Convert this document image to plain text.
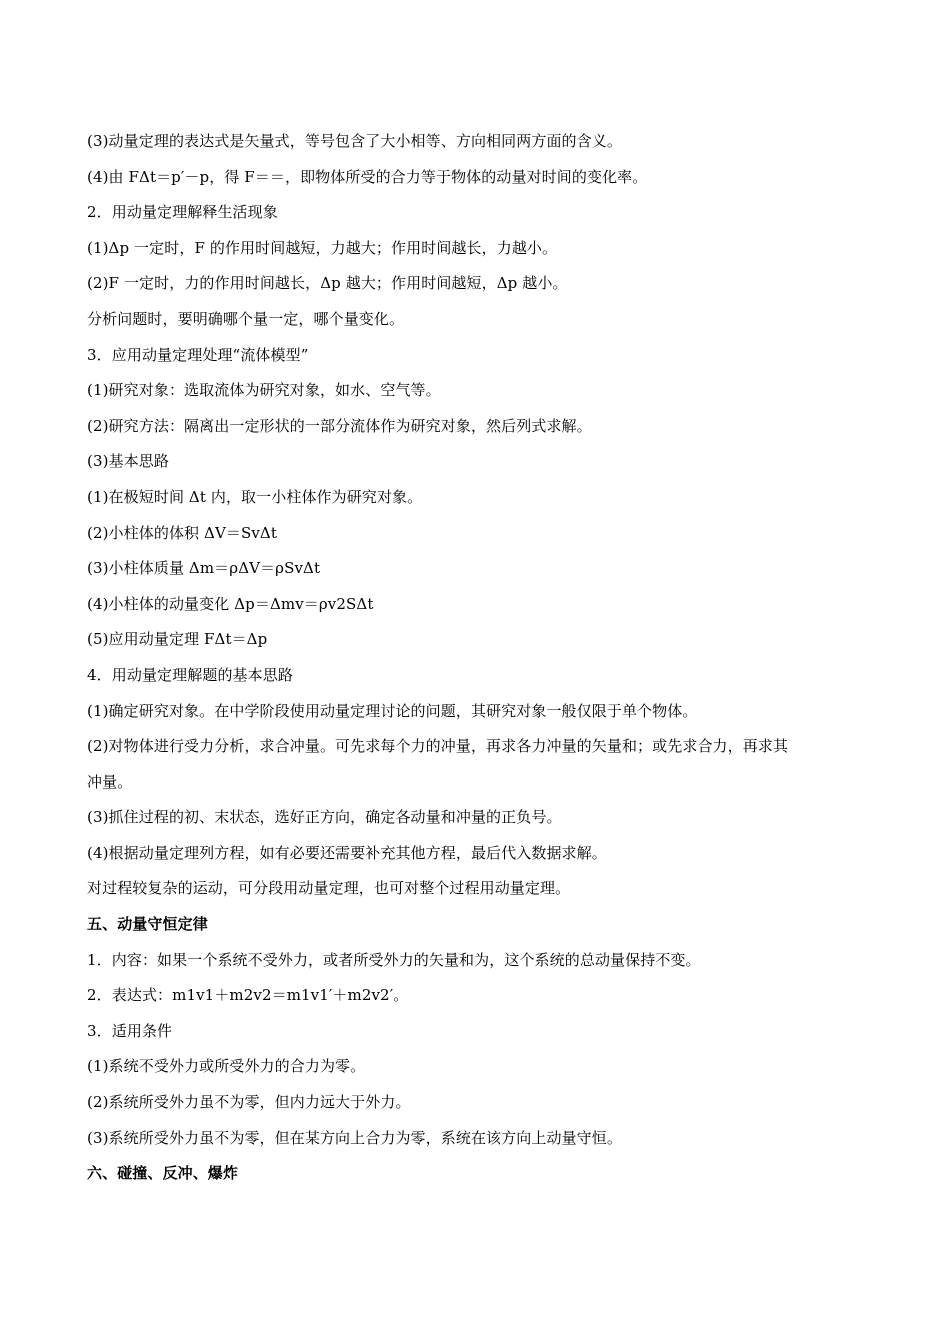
(3)动量定理的表达式是矢量式，等号包含了大小相等、方向相同两方面的含义。
(4)由 FΔt＝p′－p，得 F＝＝，即物体所受的合力等于物体的动量对时间的变化率。
2．用动量定理解释生活现象
(1)Δp 一定时，F 的作用时间越短，力越大；作用时间越长，力越小。
(2)F 一定时，力的作用时间越长，Δp 越大；作用时间越短，Δp 越小。
分析问题时，要明确哪个量一定，哪个量变化。
3．应用动量定理处理“流体模型”
(1)研究对象：选取流体为研究对象，如水、空气等。
(2)研究方法：隔离出一定形状的一部分流体作为研究对象，然后列式求解。
(3)基本思路
(1)在极短时间 Δt 内，取一小柱体作为研究对象。
(2)小柱体的体积 ΔV＝SvΔt
(3)小柱体质量 Δm＝ρΔV＝ρSvΔt
(4)小柱体的动量变化 Δp＝Δmv＝ρv2SΔt
(5)应用动量定理 FΔt＝Δp
4．用动量定理解题的基本思路
(1)确定研究对象。在中学阶段使用动量定理讨论的问题，其研究对象一般仅限于单个物体。
(2)对物体进行受力分析，求合冲量。可先求每个力的冲量，再求各力冲量的矢量和；或先求合力，再求其
冲量。
(3)抓住过程的初、末状态，选好正方向，确定各动量和冲量的正负号。
(4)根据动量定理列方程，如有必要还需要补充其他方程，最后代入数据求解。
对过程较复杂的运动，可分段用动量定理，也可对整个过程用动量定理。
五、动量守恒定律
1．内容：如果一个系统不受外力，或者所受外力的矢量和为，这个系统的总动量保持不变。
2．表达式：m1v1＋m2v2＝m1v1′＋m2v2′。
3．适用条件
(1)系统不受外力或所受外力的合力为零。
(2)系统所受外力虽不为零，但内力远大于外力。
(3)系统所受外力虽不为零，但在某方向上合力为零，系统在该方向上动量守恒。
六、碰撞、反冲、爆炸
